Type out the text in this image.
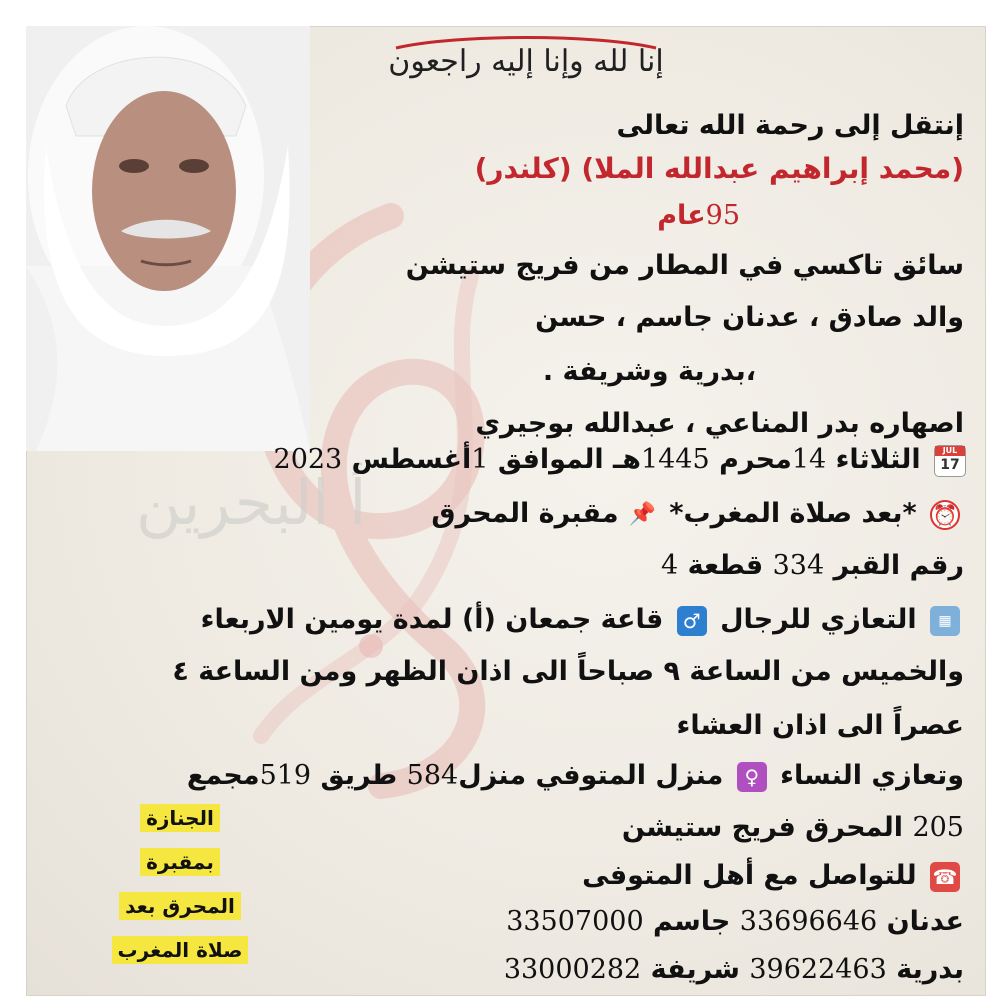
أ البحرين
إنا لله وإنا إليه راجعون
إنتقل إلى رحمة الله تعالى
(محمد إبراهيم عبدالله الملا) (كلندر)
95عام
سائق تاكسي في المطار من فريج ستيشن
والد صادق ، عدنان جاسم ، حسن
،بدرية وشريفة .
اصهاره بدر المناعي ، عبدالله بوجيري
JUL
17
الثلاثاء 14محرم 1445هـ الموافق 1أغسطس 2023
⏰ *بعد صلاة المغرب* 📌 مقبرة المحرق
رقم القبر 334 قطعة 4
▦ التعازي للرجال ♂ قاعة جمعان (أ) لمدة يومين الاربعاء
والخميس من الساعة ٩ صباحاً الى اذان الظهر ومن الساعة ٤
عصراً الى اذان العشاء
وتعازي النساء ♀ منزل المتوفي منزل584 طريق 519مجمع
205 المحرق فريج ستيشن
☎ للتواصل مع أهل المتوفى
عدنان 33696646 جاسم 33507000
بدرية 39622463 شريفة 33000282
الجنازة
بمقبرة
المحرق بعد
صلاة المغرب
